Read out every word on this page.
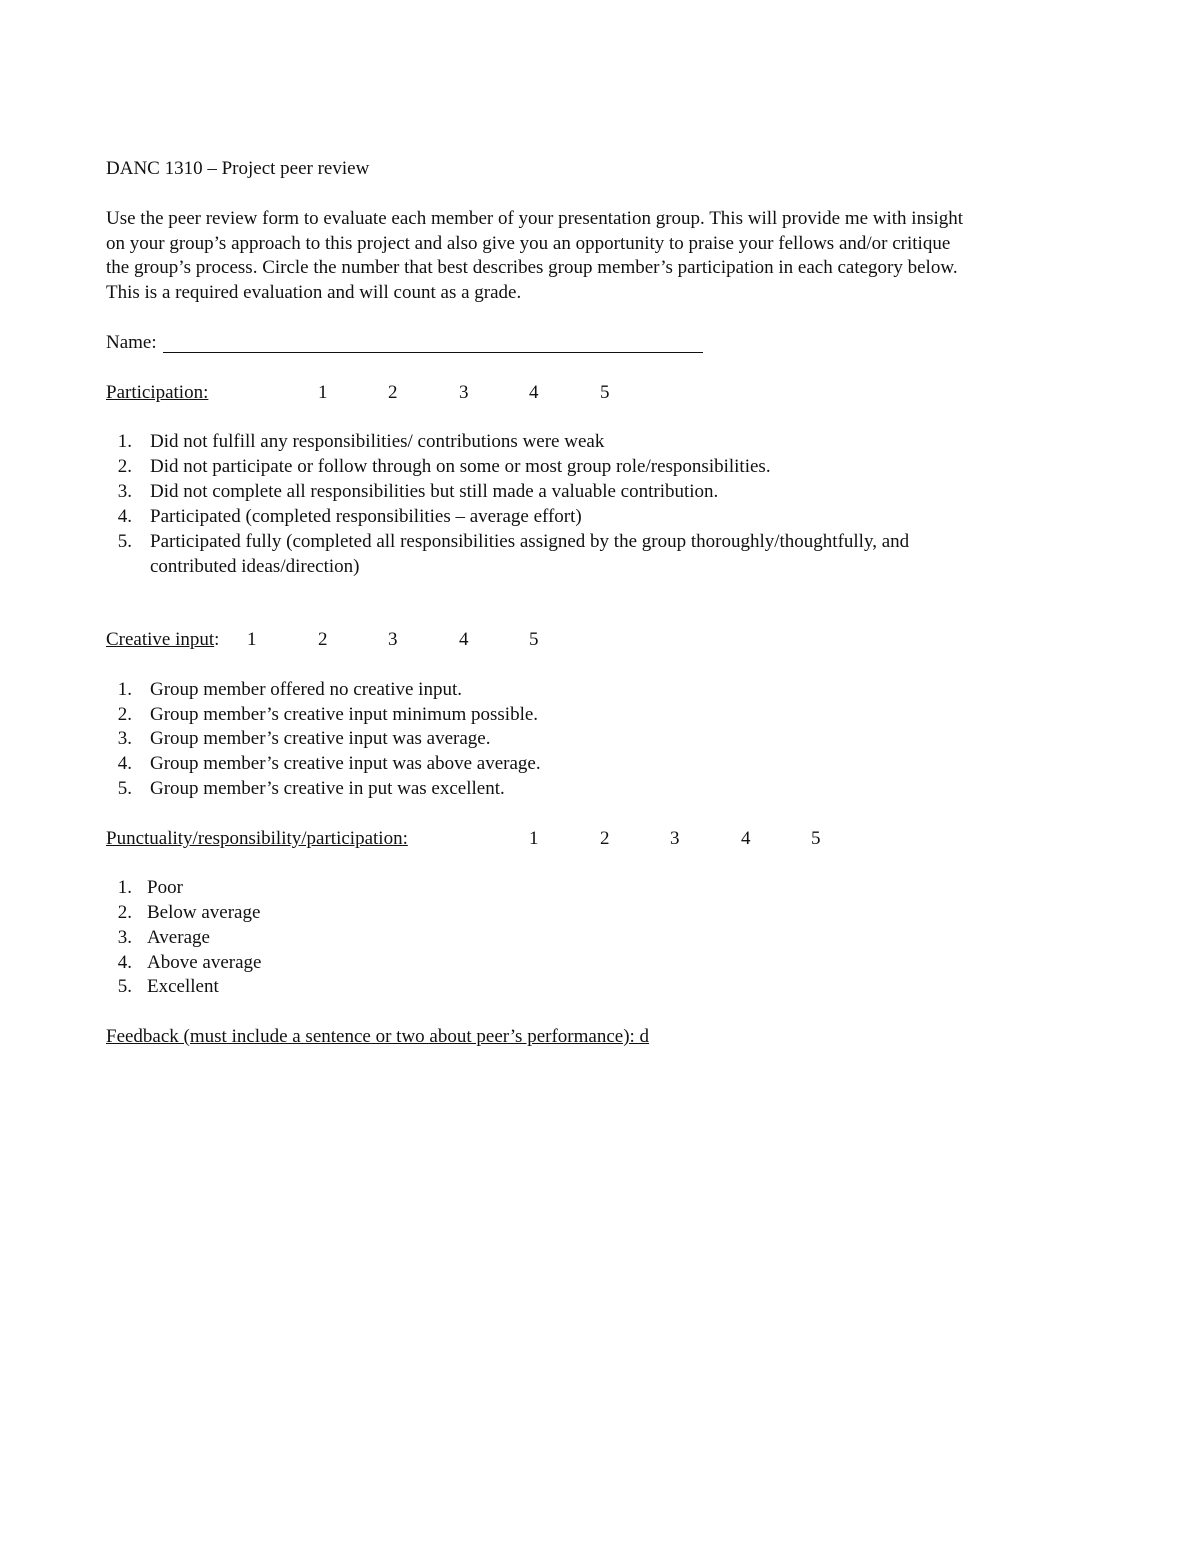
DANC 1310 – Project peer review
Use the peer review form to evaluate each member of your presentation group. This will provide me with insight
on your group’s approach to this project and also give you an opportunity to praise your fellows and/or critique
the group’s process. Circle the number that best describes group member’s participation in each category below.
This is a required evaluation and will count as a grade.
Name:
Participation:	1	2	3	4	5
1. Did not fulfill any responsibilities/ contributions were weak
2. Did not participate or follow through on some or most group role/responsibilities.
3. Did not complete all responsibilities but still made a valuable contribution.
4. Participated (completed responsibilities – average effort)
5. Participated fully (completed all responsibilities assigned by the group thoroughly/thoughtfully, and
contributed ideas/direction)
Creative input: 1	2	3	4	5
1. Group member offered no creative input.
2. Group member’s creative input minimum possible.
3. Group member’s creative input was average.
4. Group member’s creative input was above average.
5. Group member’s creative in put was excellent.
Punctuality/responsibility/participation:	1	2	3	4	5
1. Poor
2. Below average
3. Average
4. Above average
5. Excellent
Feedback (must include a sentence or two about peer’s performance): d
